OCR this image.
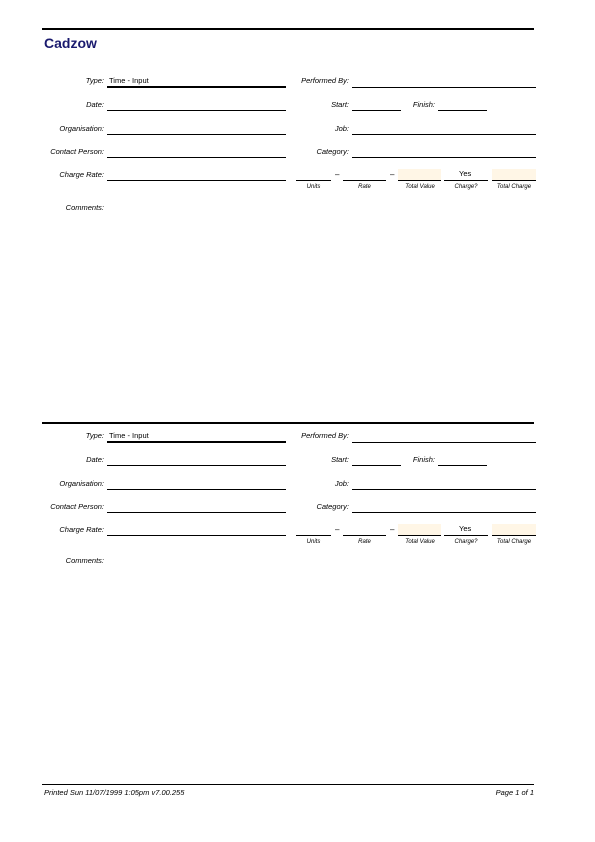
Cadzow
Type: Time - Input	Performed By:
Date:	Start:	Finish:
Organisation:	Job:
Contact Person:	Category:
Charge Rate:	–	–	Yes
Units	Rate	Total Value	Charge?	Total Charge
Comments:
Type: Time - Input	Performed By:
Date:	Start:	Finish:
Organisation:	Job:
Contact Person:	Category:
Charge Rate:	–	–	Yes
Units	Rate	Total Value	Charge?	Total Charge
Comments:
Printed Sun 11/07/1999 1:05pm v7.00.255	Page 1 of 1
